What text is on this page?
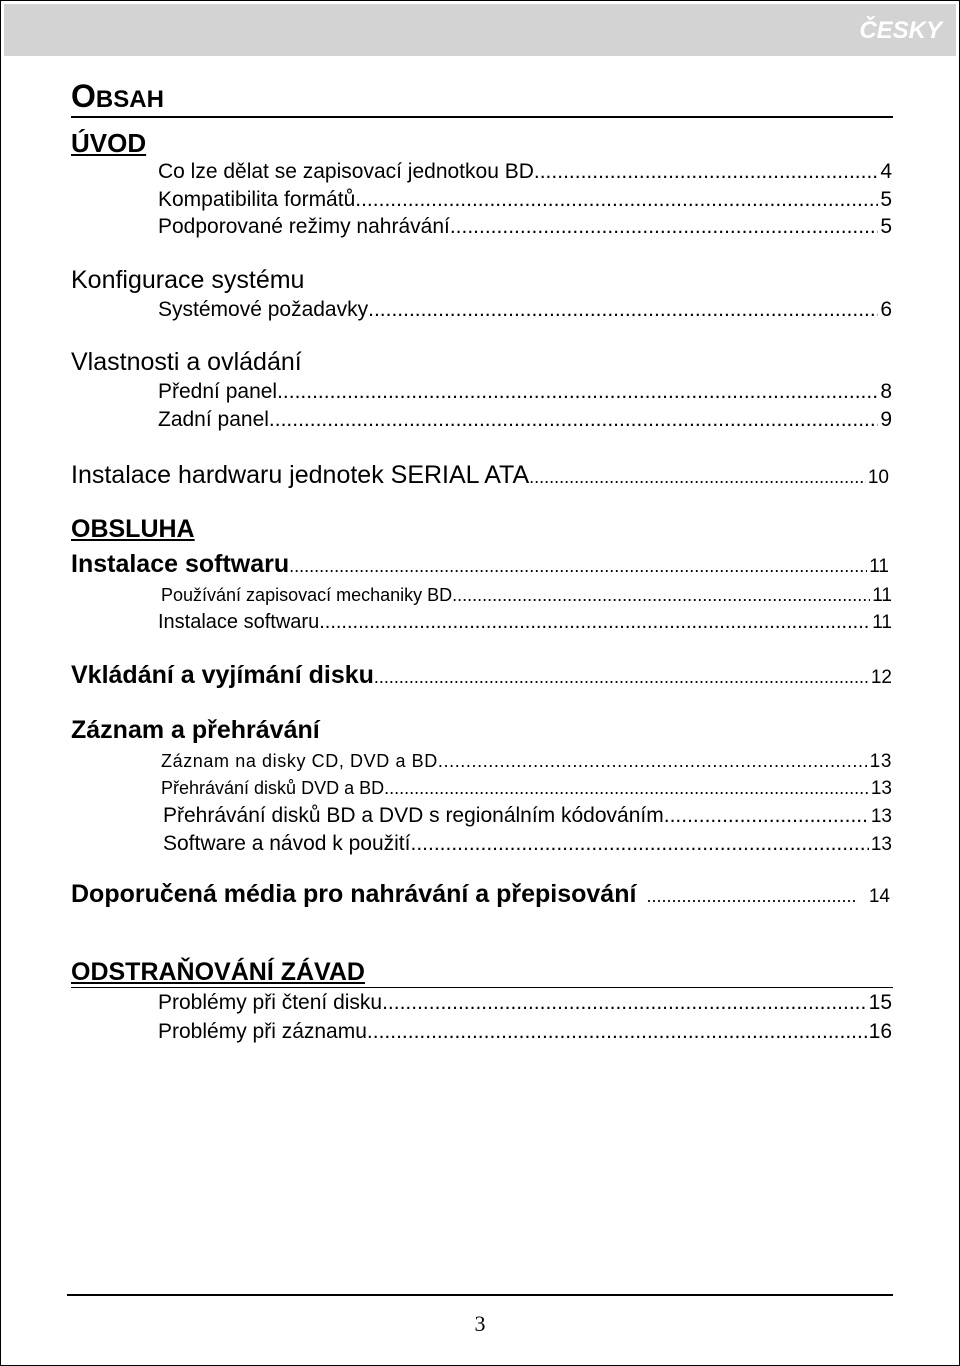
ČESKY
OBSAH
ÚVOD
Co lze dělat se zapisovací jednotkou BD .....	4
Kompatibilita formátů .....	5
Podporované režimy nahrávání .....	5
Konfigurace systému
Systémové požadavky .....	6
Vlastnosti a ovládání
Přední panel .....	8
Zadní panel .....	9
Instalace hardwaru jednotek SERIAL ATA .....	10
OBSLUHA
Instalace softwaru .....	11
Používání zapisovací mechaniky BD .....	11
Instalace softwaru .....	11
Vkládání a vyjímání disku .....	12
Záznam a přehrávání
Záznam na disky CD, DVD a BD .....	13
Přehrávání disků DVD a BD .....	13
Přehrávání disků BD a DVD s regionálním kódováním .....	13
Software a návod k použití .....	13
Doporučená média pro nahrávání a přepisování .....	14
ODSTRAŇOVÁNÍ ZÁVAD
Problémy při čtení disku .....	15
Problémy při záznamu .....	16
3
